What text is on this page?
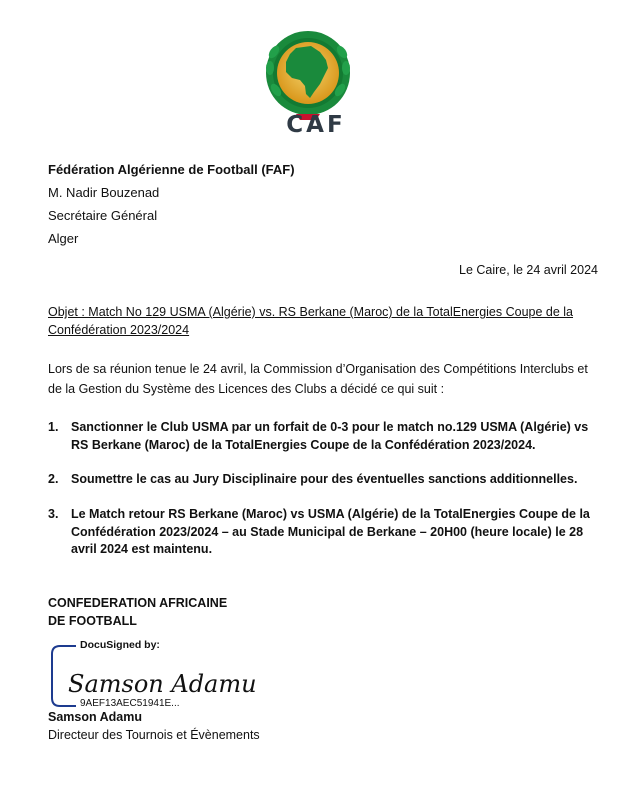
CAF
Fédération Algérienne de Football (FAF)
M. Nadir Bouzenad
Secrétaire Général
Alger
Le Caire, le 24 avril 2024
Objet : Match No 129 USMA (Algérie) vs. RS Berkane (Maroc) de la TotalEnergies Coupe de la Confédération 2023/2024
Lors de sa réunion tenue le 24 avril, la Commission d’Organisation des Compétitions Interclubs et de la Gestion du Système des Licences des Clubs a décidé ce qui suit :
1. Sanctionner le Club USMA par un forfait de 0-3 pour le match no.129 USMA (Algérie) vs RS Berkane (Maroc) de la TotalEnergies Coupe de la Confédération 2023/2024.
2. Soumettre le cas au Jury Disciplinaire pour des éventuelles sanctions additionnelles.
3. Le Match retour RS Berkane (Maroc) vs USMA (Algérie) de la TotalEnergies Coupe de la Confédération 2023/2024 – au Stade Municipal de Berkane – 20H00 (heure locale) le 28 avril 2024 est maintenu.
CONFEDERATION AFRICAINE
DE FOOTBALL
DocuSigned by:
Samson Adamu
9AEF13AEC51941E...
Samson Adamu
Directeur des Tournois et Évènements
